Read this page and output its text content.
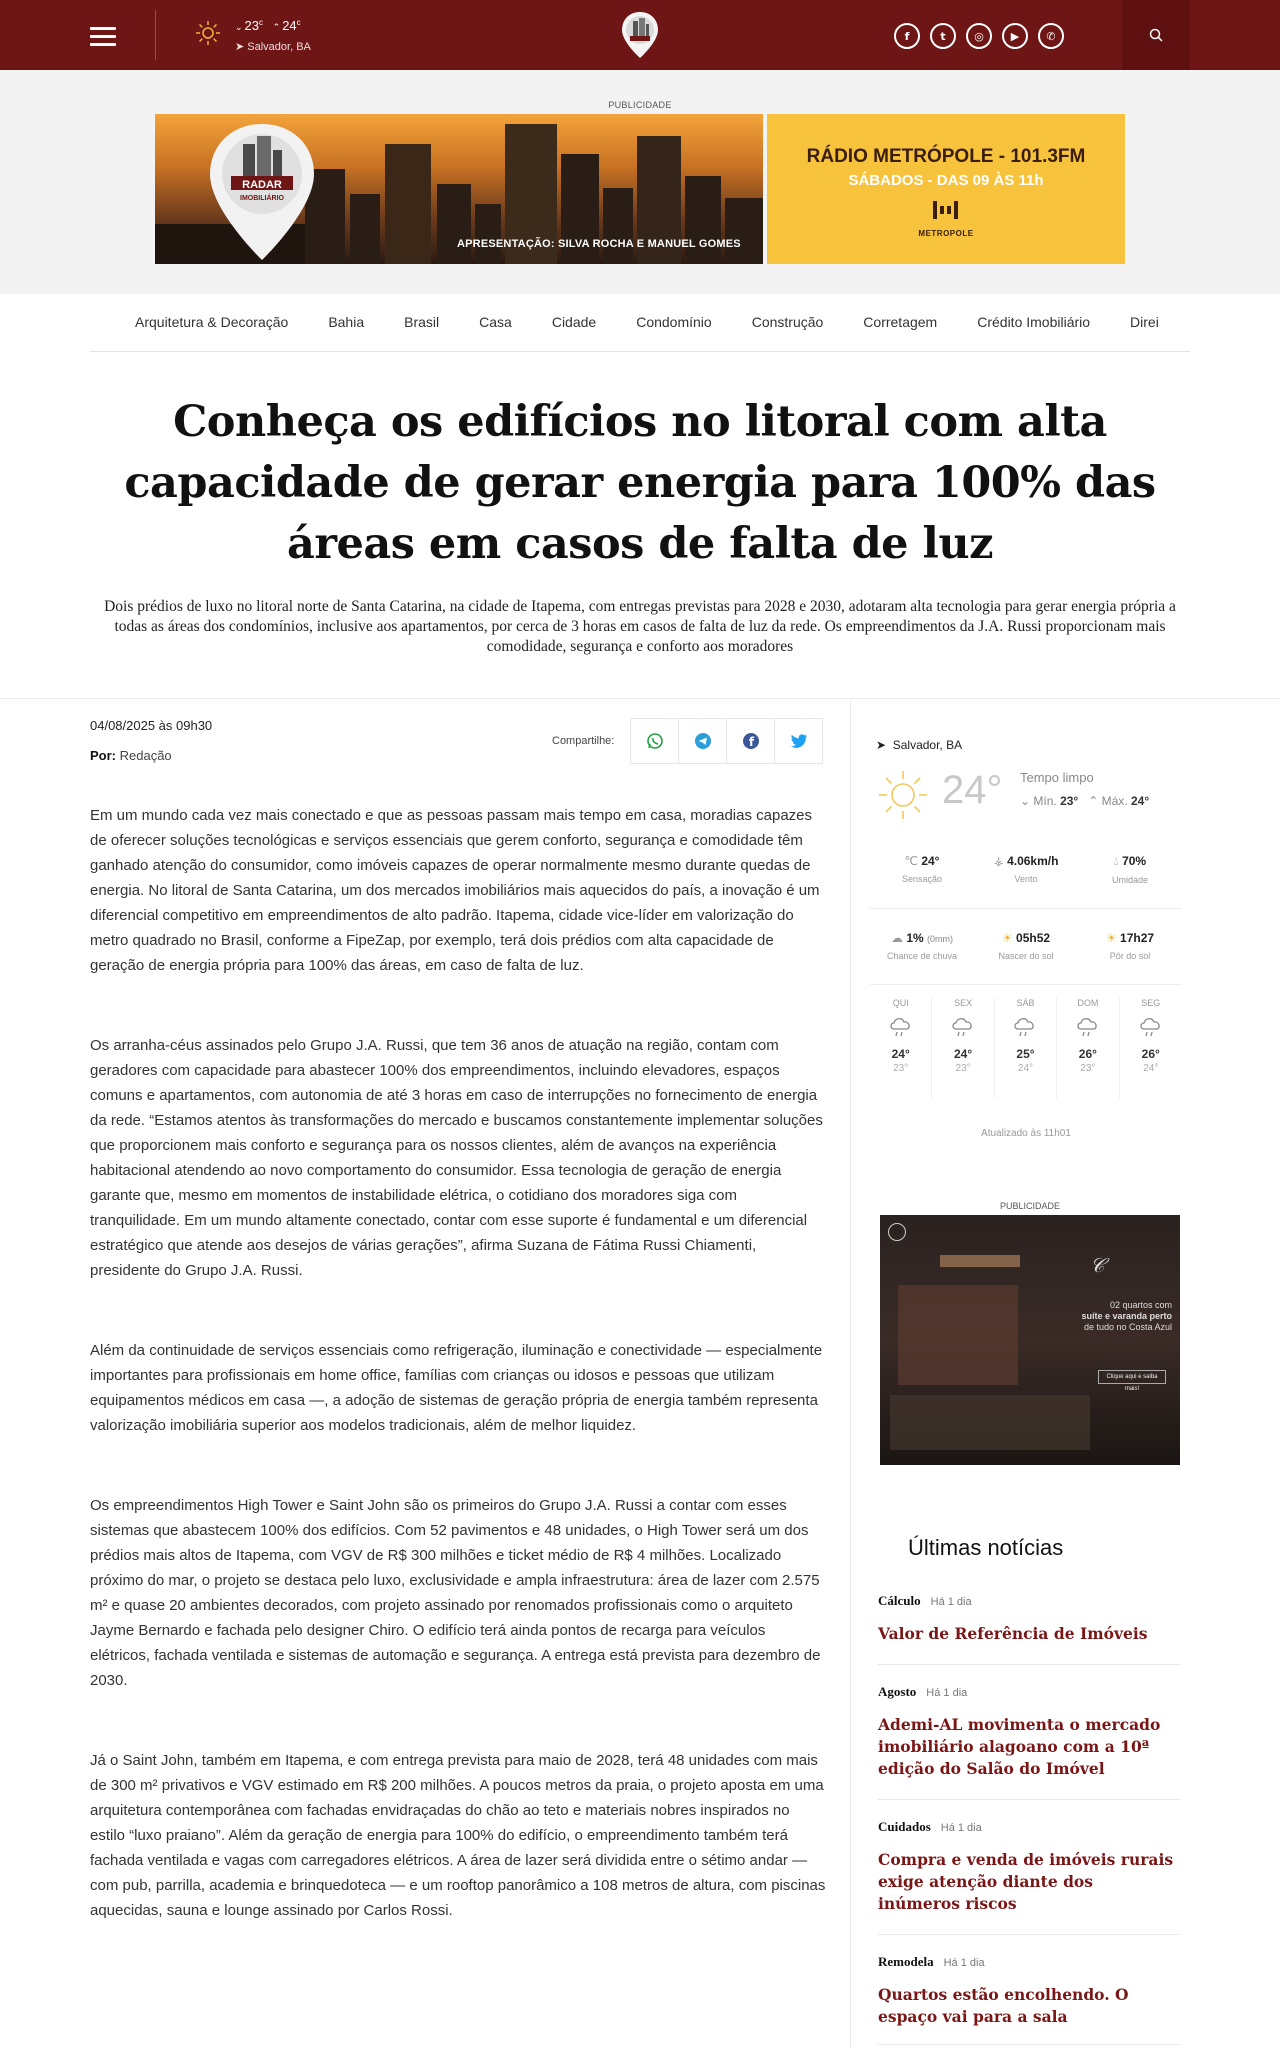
⌄ 23$^c$ ⌃ 24$^c$
➤ Salvador, BA
f	t	◎	▶	✆
PUBLICIDADE
RADAR
IMOBILIÁRIO
APRESENTAÇÃO: SILVA ROCHA E MANUEL GOMES
RÁDIO METRÓPOLE - 101.3FM
SÁBADOS - DAS 09 ÀS 11h
METROPOLE
Arquitetura & Decoração	Bahia	Brasil	Casa	Cidade	Condomínio	Construção	Corretagem	Crédito Imobiliário	Direi
Conheça os edifícios no litoral com alta
capacidade de gerar energia para 100% das
áreas em casos de falta de luz

Dois prédios de luxo no litoral norte de Santa Catarina, na cidade de Itapema, com entregas previstas para 2028 e 2030, adotaram alta tecnologia para gerar energia própria a todas as áreas dos condomínios, inclusive aos apartamentos, por cerca de 3 horas em casos de falta de luz da rede. Os empreendimentos da J.A. Russi proporcionam mais comodidade, segurança e conforto aos moradores

04/08/2025 às 09h30
Por: Redação
Compartilhe:	f

Em um mundo cada vez mais conectado e que as pessoas passam mais tempo em casa, moradias capazes de oferecer soluções tecnológicas e serviços essenciais que gerem conforto, segurança e comodidade têm ganhado atenção do consumidor, como imóveis capazes de operar normalmente mesmo durante quedas de energia. No litoral de Santa Catarina, um dos mercados imobiliários mais aquecidos do país, a inovação é um diferencial competitivo em empreendimentos de alto padrão. Itapema, cidade vice-líder em valorização do metro quadrado no Brasil, conforme a FipeZap, por exemplo, terá dois prédios com alta capacidade de geração de energia própria para 100% das áreas, em caso de falta de luz.

Os arranha-céus assinados pelo Grupo J.A. Russi, que tem 36 anos de atuação na região, contam com geradores com capacidade para abastecer 100% dos empreendimentos, incluindo elevadores, espaços comuns e apartamentos, com autonomia de até 3 horas em caso de interrupções no fornecimento de energia da rede. “Estamos atentos às transformações do mercado e buscamos constantemente implementar soluções que proporcionem mais conforto e segurança para os nossos clientes, além de avanços na experiência habitacional atendendo ao novo comportamento do consumidor. Essa tecnologia de geração de energia garante que, mesmo em momentos de instabilidade elétrica, o cotidiano dos moradores siga com tranquilidade. Em um mundo altamente conectado, contar com esse suporte é fundamental e um diferencial estratégico que atende aos desejos de várias gerações”, afirma Suzana de Fátima Russi Chiamenti, presidente do Grupo J.A. Russi.

Além da continuidade de serviços essenciais como refrigeração, iluminação e conectividade — especialmente importantes para profissionais em home office, famílias com crianças ou idosos e pessoas que utilizam equipamentos médicos em casa —, a adoção de sistemas de geração própria de energia também representa valorização imobiliária superior aos modelos tradicionais, além de melhor liquidez.

Os empreendimentos High Tower e Saint John são os primeiros do Grupo J.A. Russi a contar com esses sistemas que abastecem 100% dos edifícios. Com 52 pavimentos e 48 unidades, o High Tower será um dos prédios mais altos de Itapema, com VGV de R$ 300 milhões e ticket médio de R$ 4 milhões. Localizado próximo do mar, o projeto se destaca pelo luxo, exclusividade e ampla infraestrutura: área de lazer com 2.575 m² e quase 20 ambientes decorados, com projeto assinado por renomados profissionais como o arquiteto Jayme Bernardo e fachada pelo designer Chiro. O edifício terá ainda pontos de recarga para veículos elétricos, fachada ventilada e sistemas de automação e segurança. A entrega está prevista para dezembro de 2030.

Já o Saint John, também em Itapema, e com entrega prevista para maio de 2028, terá 48 unidades com mais de 300 m² privativos e VGV estimado em R$ 200 milhões. A poucos metros da praia, o projeto aposta em uma arquitetura contemporânea com fachadas envidraçadas do chão ao teto e materiais nobres inspirados no estilo “luxo praiano”. Além da geração de energia para 100% do edifício, o empreendimento também terá fachada ventilada e vagas com carregadores elétricos. A área de lazer será dividida entre o sétimo andar — com pub, parrilla, academia e brinquedoteca — e um rooftop panorâmico a 108 metros de altura, com piscinas aquecidas, sauna e lounge assinado por Carlos Rossi.

➤ Salvador, BA
24° Tempo limpo
⌄ Mín. 23°   ⌃ Máx. 24°
℃ 24°
Sensação
⚶ 4.06km/h
Vento
💧︎ 70%
Umidade
☁ 1% (0mm)
Chance de chuva
☀ 05h52
Nascer do sol
☀ 17h27
Pôr do sol
QUI
24°
23°
SEX
24°
23°
SÁB
25°
24°
DOM
26°
23°
SEG
26°
24°
Atualizado às 11h01
PUBLICIDADE
𝒞
02 quartos com
suíte e varanda perto
de tudo no Costa Azul
Clique aqui e saiba mais!
Últimas notícias
Cálculo Há 1 dia
Valor de Referência de Imóveis
Agosto Há 1 dia
Ademi-AL movimenta o mercado imobiliário alagoano com a 10ª edição do Salão do Imóvel
Cuidados Há 1 dia
Compra e venda de imóveis rurais exige atenção diante dos inúmeros riscos
Remodela Há 1 dia
Quartos estão encolhendo. O espaço vai para a sala
